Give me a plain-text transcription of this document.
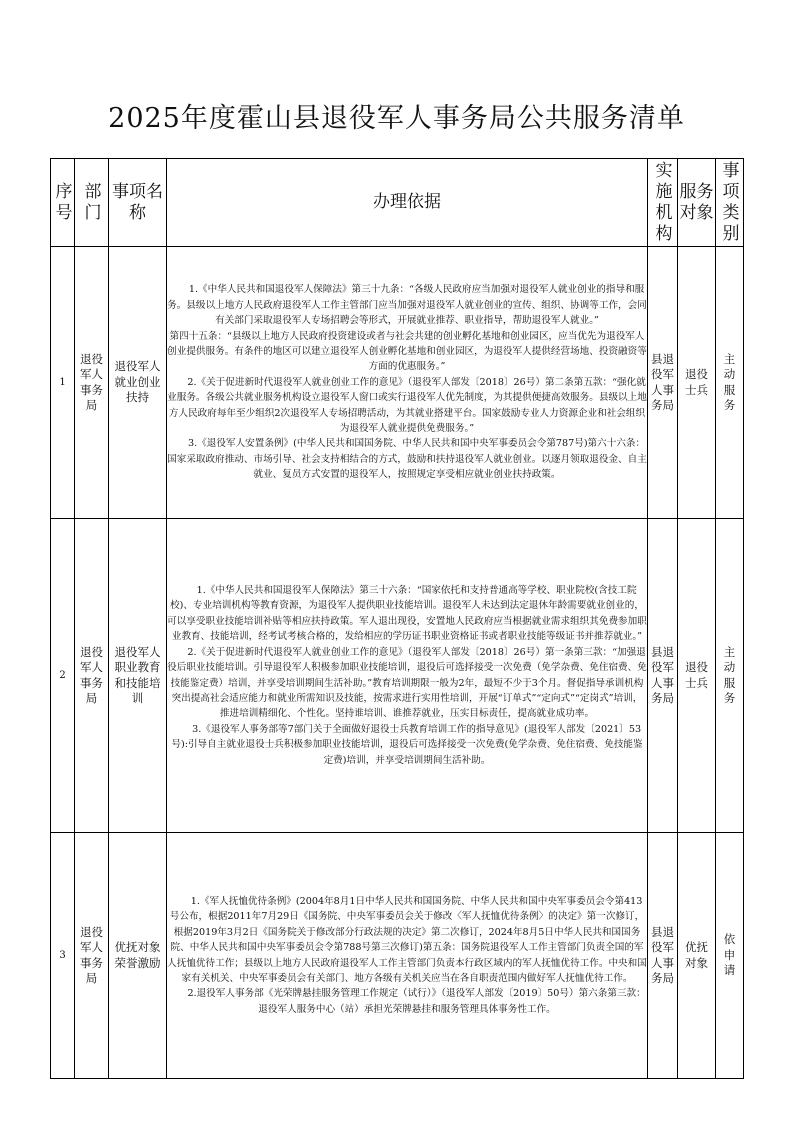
2025年度霍山县退役军人事务局公共服务清单
序号	部门	事项名称	办理依据	实施机构	服务对象	事项类别
1	退役军人事务局	退役军人就业创业扶持	1.《中华人民共和国退役军人保障法》第三十九条：“各级人民政府应当加强对退役军人就业创业的指导和服务。县级以上地方人民政府退役军人工作主管部门应当加强对退役军人就业创业的宣传、组织、协调等工作，会同有关部门采取退役军人专场招聘会等形式，开展就业推荐、职业指导，帮助退役军人就业。”

第四十五条：“县级以上地方人民政府投资建设或者与社会共建的创业孵化基地和创业园区，应当优先为退役军人创业提供服务。有条件的地区可以建立退役军人创业孵化基地和创业园区，为退役军人提供经营场地、投资融资等方面的优惠服务。”

2.《关于促进新时代退役军人就业创业工作的意见》（退役军人部发〔2018〕26号）第二条第五款：“强化就业服务。各级公共就业服务机构设立退役军人窗口或实行退役军人优先制度，为其提供便捷高效服务。县级以上地方人民政府每年至少组织2次退役军人专场招聘活动，为其就业搭建平台。国家鼓励专业人力资源企业和社会组织为退役军人就业提供免费服务。”

3.《退役军人安置条例》(中华人民共和国国务院、中华人民共和国中央军事委员会令第787号)第六十六条：国家采取政府推动、市场引导、社会支持相结合的方式，鼓励和扶持退役军人就业创业。以逐月领取退役金、自主就业、复员方式安置的退役军人，按照规定享受相应就业创业扶持政策。	县退役军人事务局	退役士兵	主动服务
2	退役军人事务局	退役军人职业教育和技能培训	1.《中华人民共和国退役军人保障法》第三十六条：“国家依托和支持普通高等学校、职业院校(含技工院校)、专业培训机构等教育资源，为退役军人提供职业技能培训。退役军人未达到法定退休年龄需要就业创业的，可以享受职业技能培训补贴等相应扶持政策。军人退出现役，安置地人民政府应当根据就业需求组织其免费参加职业教育、技能培训，经考试考核合格的，发给相应的学历证书职业资格证书或者职业技能等级证书并推荐就业。”

2.《关于促进新时代退役军人就业创业工作的意见》（退役军人部发〔2018〕26号）第一条第三款：“加强退役后职业技能培训。引导退役军人积极参加职业技能培训，退役后可选择接受一次免费（免学杂费、免住宿费、免技能鉴定费）培训，并享受培训期间生活补助。”教育培训期限一般为2年，最短不少于3个月。督促指导承训机构突出提高社会适应能力和就业所需知识及技能，按需求进行实用性培训，开展“订单式”“定向式”“定岗式”培训，推进培训精细化、个性化。坚持谁培训、谁推荐就业，压实目标责任，提高就业成功率。

3.《退役军人事务部等7部门关于全面做好退役士兵教育培训工作的指导意见》(退役军人部发〔2021〕53号):引导自主就业退役士兵积极参加职业技能培训，退役后可选择接受一次免费(免学杂费、免住宿费、免技能鉴定费)培训，并享受培训期间生活补助。	县退役军人事务局	退役士兵	主动服务
3	退役军人事务局	优抚对象荣誉激励	1.《军人抚恤优待条例》(2004年8月1日中华人民共和国国务院、中华人民共和国中央军事委员会令第413号公布，根据2011年7月29日《国务院、中央军事委员会关于修改〈军人抚恤优待条例〉的决定》第一次修订，根据2019年3月2日《国务院关于修改部分行政法规的决定》第二次修订，2024年8月5日中华人民共和国国务院、中华人民共和国中央军事委员会令第788号第三次修订)第五条：国务院退役军人工作主管部门负责全国的军人抚恤优待工作；县级以上地方人民政府退役军人工作主管部门负责本行政区域内的军人抚恤优待工作。中央和国家有关机关、中央军事委员会有关部门、地方各级有关机关应当在各自职责范围内做好军人抚恤优待工作。

2.退役军人事务部《光荣牌悬挂服务管理工作规定（试行）》（退役军人部发〔2019〕50号）第六条第三款：退役军人服务中心（站）承担光荣牌悬挂和服务管理具体事务性工作。	县退役军人事务局	优抚对象	依申请
